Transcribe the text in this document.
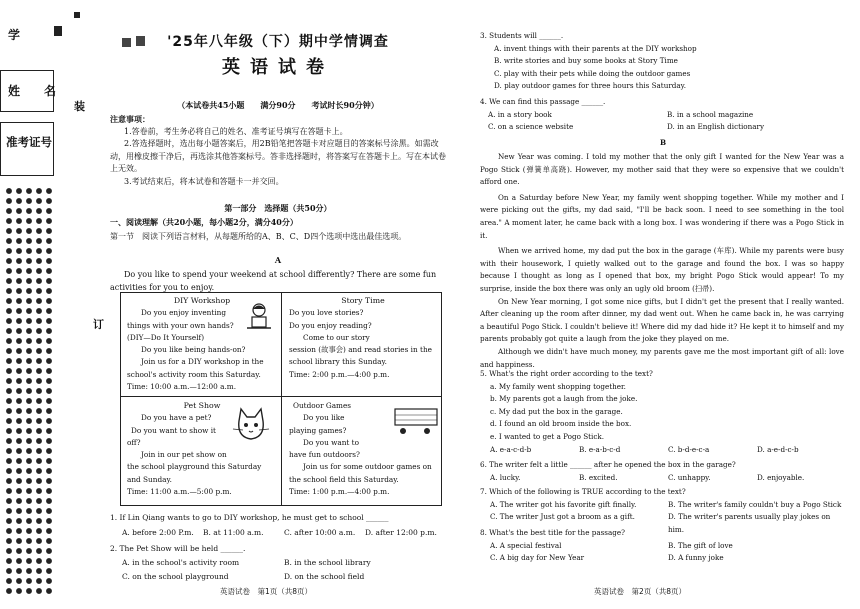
学
姓 名
准考证号
装
订
'25年八年级（下）期中学情调查
英语试卷
（本试卷共45小题　　满分90分　　考试时长90分钟）

注意事项：

1.答卷前，考生务必将自己的姓名、准考证号填写在答题卡上。

2.答选择题时，选出每小题答案后，用2B铅笔把答题卡对应题目的答案标号涂黑。如需改动，用橡皮擦干净后，再选涂其他答案标号。答非选择题时，将答案写在答题卡上。写在本试卷上无效。

3.考试结束后，将本试卷和答题卡一并交回。

第一部分　选择题（共50分）
一、阅读理解（共20小题，每小题2分，满分40分）
第一节　阅读下列语言材料，从每题所给的A、B、C、D四个选项中选出最佳选项。
A
Do you like to spend your weekend at school differently? There are some fun activities for you to enjoy.
DIY Workshop
Do you enjoy inventing
things with your own hands?
(DIY—Do It Yourself)
Do you like being hands-on?
Join us for a DIY workshop in the school's activity room this Saturday.
Time: 10:00 a.m.—12:00 a.m.
Story Time
Do you love stories?
Do you enjoy reading?
Come to our story
session (故事会) and read stories in the school library this Sunday.
Time: 2:00 p.m.—4:00 p.m.
Pet Show
Do you have a pet?
Do you want to show it
off?
Join in our pet show on
the school playground this Saturday and Sunday.
Time: 11:00 a.m.—5:00 p.m.
Outdoor Games
Do you like
playing games?
Do you want to
have fun outdoors?
Join us for some outdoor games on the school field this Saturday.
Time: 1:00 p.m.—4:00 p.m.
1. If Lin Qiang wants to go to DIY workshop, he must get to school ______
A. before 2:00 P.m.	B. at 11:00 a.m.	C. after 10:00 a.m.	D. after 12:00 p.m.
2. The Pet Show will be held ______.
A. in the school's activity room	B. in the school library
C. on the school playground	D. on the school field
英语试卷　第1页（共8页）
3. Students will ______.
A. invent things with their parents at the DIY workshop
B. write stories and buy some books at Story Time
C. play with their pets while doing the outdoor games
D. play outdoor games for three hours this Saturday.
4. We can find this passage ______.
A. in a story book	B. in a school magazine
C. on a science website	D. in an English dictionary
B

New Year was coming. I told my mother that the only gift I wanted for the New Year was a Pogo Stick (弹簧单高跷). However, my mother said that they were so expensive that we couldn't afford one.

On a Saturday before New Year, my family went shopping together. While my mother and I were picking out the gifts, my dad said, "I'll be back soon. I need to see something in the tool area." A moment later, he came back with a long box. I was wondering if there was a Pogo Stick in it.

When we arrived home, my dad put the box in the garage (车库). While my parents were busy with their housework, I quietly walked out to the garage and found the box. I was so happy because I thought as long as I opened that box, my bright Pogo Stick would appear! To my surprise, inside the box there was only an ugly old broom (扫帚).

On New Year morning, I got some nice gifts, but I didn't get the present that I really wanted. After cleaning up the room after dinner, my dad went out. When he came back in, he was carrying a beautiful Pogo Stick. I couldn't believe it! Where did my dad hide it? He kept it to himself and my parents probably got quite a laugh from the joke they played on me.

Although we didn't have much money, my parents gave me the most important gift of all: love and happiness.

5. What's the right order according to the text?
a. My family went shopping together.
b. My parents got a laugh from the joke.
c. My dad put the box in the garage.
d. I found an old broom inside the box.
e. I wanted to get a Pogo Stick.
A. e-a-c-d-b	B. e-a-b-c-d	C. b-d-e-c-a	D. a-e-d-c-b
6. The writer felt a little ______ after he opened the box in the garage?
A. lucky.	B. excited.	C. unhappy.	D. enjoyable.
7. Which of the following is TRUE according to the text?
A. The writer got his favorite gift finally.	B. The writer's family couldn't buy a Pogo Stick
C. The writer Just got a broom as a gift.	D. The writer's parents usually play jokes on him.
8. What's the best title for the passage?
A. A special festival	B. The gift of love
C. A big day for New Year	D. A funny joke
英语试卷　第2页（共8页）
